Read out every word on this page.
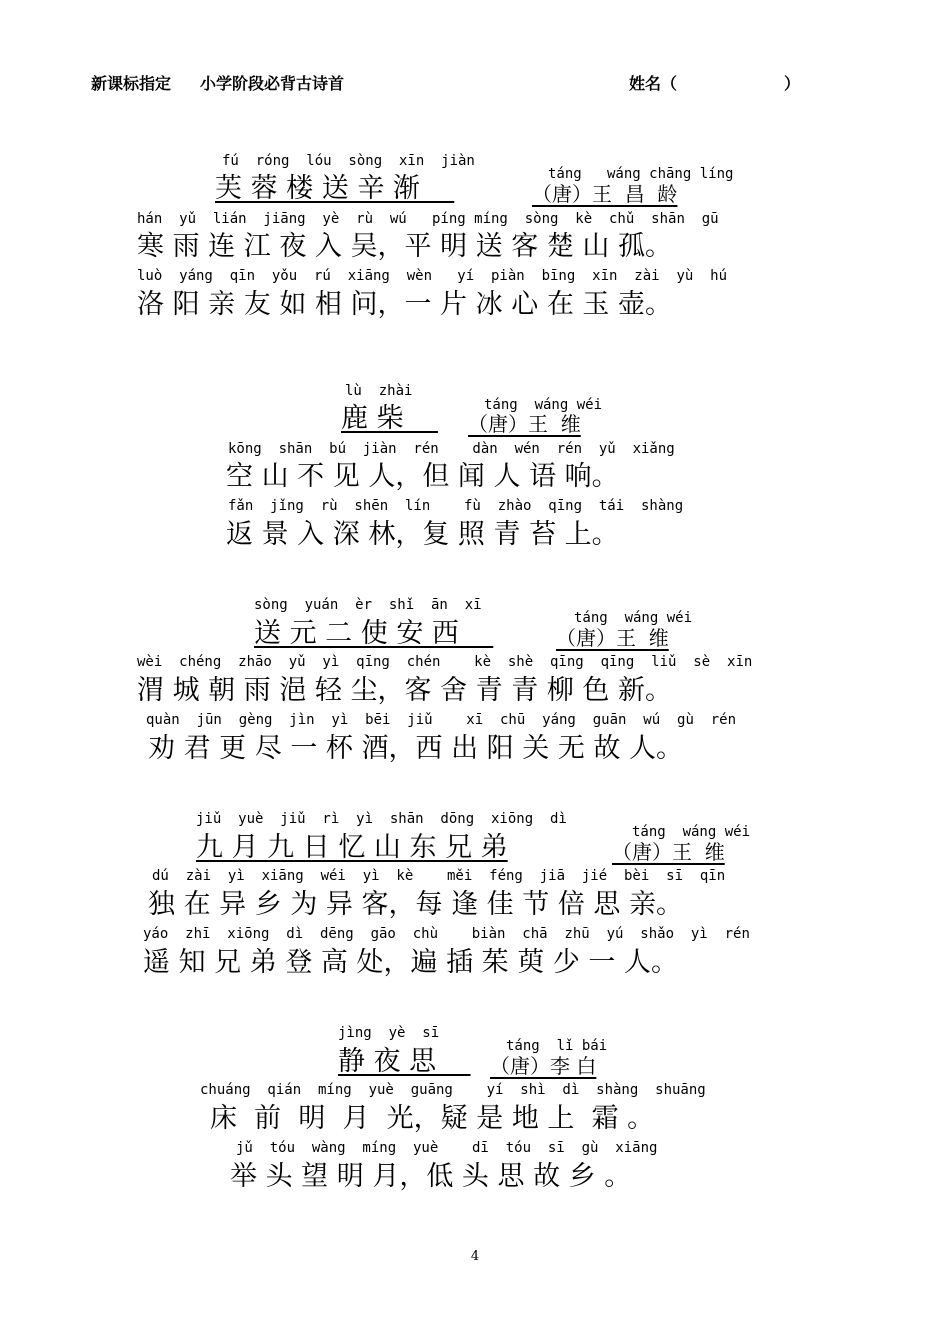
新课标指定 小学阶段必背古诗首	姓名（	）
fú  róng  lóu  sòng  xīn  jiàn
芙 蓉 楼 送 辛 渐	táng   wáng chāng líng
（唐）王  昌  龄
hán  yǔ  lián  jiāng  yè  rù  wú   píng míng  sòng  kè  chǔ  shān  gū
寒 雨 连 江 夜 入 吴，平 明 送 客 楚 山 孤。
luò  yáng  qīn  yǒu  rú  xiāng  wèn   yí  piàn  bīng  xīn  zài  yù  hú
洛 阳 亲 友 如 相 问，一 片 冰 心 在 玉 壶。
lù  zhài
鹿 柴	táng  wáng wéi
（唐）王  维
kōng  shān  bú  jiàn  rén    dàn  wén  rén  yǔ  xiǎng
空 山 不 见 人，但 闻 人 语 响。
fǎn  jǐng  rù  shēn  lín    fù  zhào  qīng  tái  shàng
返 景 入 深 林，复 照 青 苔 上。
sòng  yuán  èr  shǐ  ān  xī
送 元 二 使 安 西	táng  wáng wéi
（唐）王  维
wèi  chéng  zhāo  yǔ  yì  qīng  chén    kè  shè  qīng  qīng  liǔ  sè  xīn
渭 城 朝 雨 浥 轻 尘，客 舍 青 青 柳 色 新。
quàn  jūn  gèng  jìn  yì  bēi  jiǔ    xī  chū  yáng  guān  wú  gù  rén
劝 君 更 尽 一 杯 酒，西 出 阳 关 无 故 人。
jiǔ  yuè  jiǔ  rì  yì  shān  dōng  xiōng  dì
九 月 九 日 忆 山 东 兄 弟	táng  wáng wéi
（唐）王  维
dú  zài  yì  xiāng  wéi  yì  kè    měi  féng  jiā  jié  bèi  sī  qīn
独 在 异 乡 为 异 客，每 逢 佳 节 倍 思 亲。
yáo  zhī  xiōng  dì  dēng  gāo  chù    biàn  chā  zhū  yú  shǎo  yì  rén
遥 知 兄 弟 登 高 处，遍 插 茱 萸 少 一 人。
jìng  yè  sī
静 夜 思	táng  lǐ bái
（唐）李 白
chuáng  qián  míng  yuè  guāng    yí  shì  dì  shàng  shuāng
床  前  明  月  光，疑 是 地 上  霜 。
jǔ  tóu  wàng  míng  yuè    dī  tóu  sī  gù  xiāng
举 头 望 明 月，低 头 思 故 乡 。
4
